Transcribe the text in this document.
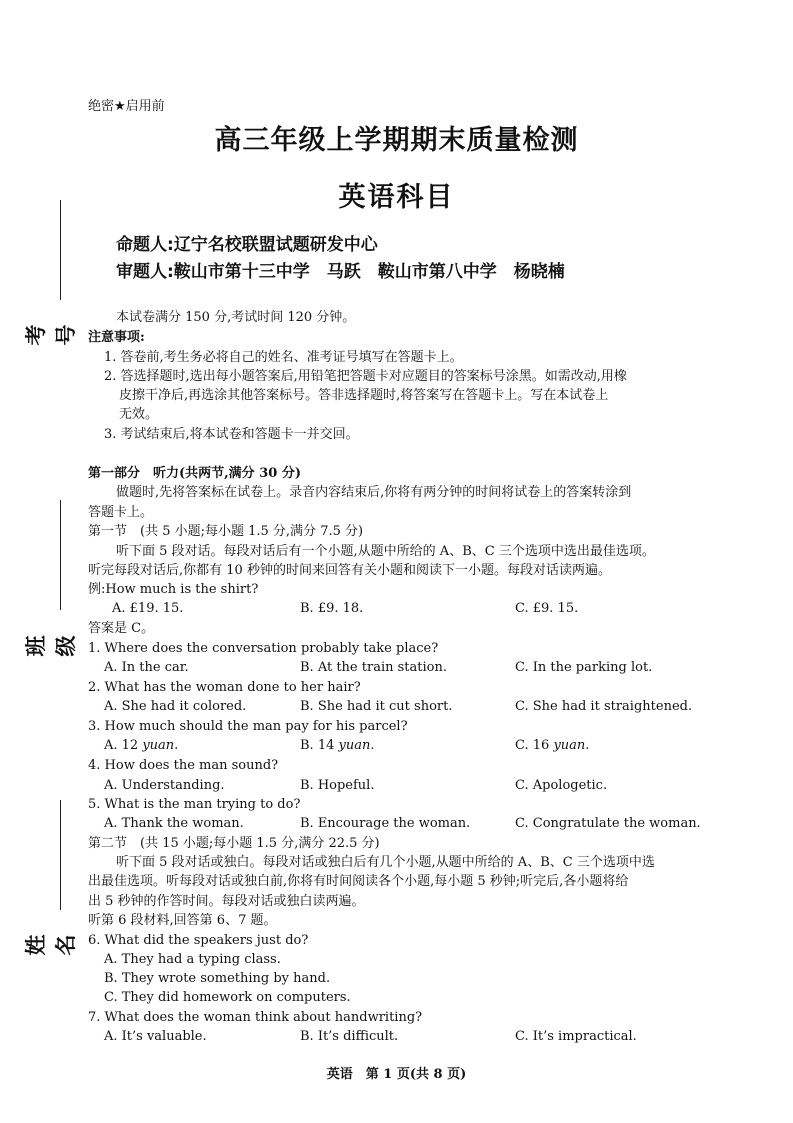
绝密★启用前
高三年级上学期期末质量检测
英语科目
命题人:辽宁名校联盟试题研发中心
审题人:鞍山市第十三中学　马跃　鞍山市第八中学　杨晓楠
考号
班级
姓名
本试卷满分 150 分,考试时间 120 分钟。
注意事项:
1. 答卷前,考生务必将自己的姓名、准考证号填写在答题卡上。
2. 答选择题时,选出每小题答案后,用铅笔把答题卡对应题目的答案标号涂黑。如需改动,用橡
皮擦干净后,再选涂其他答案标号。答非选择题时,将答案写在答题卡上。写在本试卷上
无效。
3. 考试结束后,将本试卷和答题卡一并交回。
第一部分　听力(共两节,满分 30 分)
做题时,先将答案标在试卷上。录音内容结束后,你将有两分钟的时间将试卷上的答案转涂到
答题卡上。
第一节　(共 5 小题;每小题 1.5 分,满分 7.5 分)
听下面 5 段对话。每段对话后有一个小题,从题中所给的 A、B、C 三个选项中选出最佳选项。
听完每段对话后,你都有 10 秒钟的时间来回答有关小题和阅读下一小题。每段对话读两遍。
例:How much is the shirt?
A. £19. 15.	B. £9. 18.	C. £9. 15.
答案是 C。
1. Where does the conversation probably take place?
A. In the car.	B. At the train station.	C. In the parking lot.
2. What has the woman done to her hair?
A. She had it colored.	B. She had it cut short.	C. She had it straightened.
3. How much should the man pay for his parcel?
A. 12 yuan.	B. 14 yuan.	C. 16 yuan.
4. How does the man sound?
A. Understanding.	B. Hopeful.	C. Apologetic.
5. What is the man trying to do?
A. Thank the woman.	B. Encourage the woman.	C. Congratulate the woman.
第二节　(共 15 小题;每小题 1.5 分,满分 22.5 分)
听下面 5 段对话或独白。每段对话或独白后有几个小题,从题中所给的 A、B、C 三个选项中选
出最佳选项。听每段对话或独白前,你将有时间阅读各个小题,每小题 5 秒钟;听完后,各小题将给
出 5 秒钟的作答时间。每段对话或独白读两遍。
听第 6 段材料,回答第 6、7 题。
6. What did the speakers just do?
A. They had a typing class.
B. They wrote something by hand.
C. They did homework on computers.
7. What does the woman think about handwriting?
A. It’s valuable.	B. It’s difficult.	C. It’s impractical.
英语　第 1 页(共 8 页)
